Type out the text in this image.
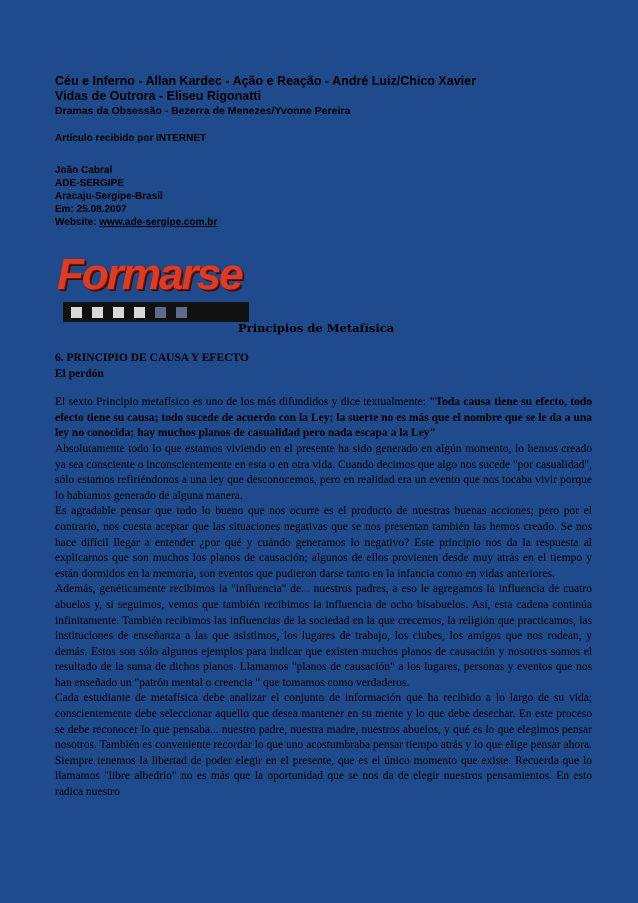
Céu e Inferno - Allan Kardec - Ação e Reação - André Luiz/Chico Xavier
Vidas de Outrora - Eliseu Rigonatti
Dramas da Obsessão - Bezerra de Menezes/Yvonne Pereira
Artículo recibido por INTERNET
João Cabral
ADE-SERGIPE
Aracaju-Sergipe-Brasil
Em: 25.08.2007
Website: www.ade-sergipe.com.br
Formarse
Principios de Metafísica

6. PRINCIPIO DE CAUSA Y EFECTO

El perdón

El sexto Principio metafísico es uno de los más difundidos y dice textualmente: "Toda causa tiene su efecto, todo efecto tiene su causa; todo sucede de acuerdo con la Ley; la suerte no es más que el nombre que se le da a una ley no conocida; hay muchos planos de casualidad pero nada escapa a la Ley"

Absolutamente todo lo que estamos viviendo en el presente ha sido generado en algún momento, lo hemos creado ya sea consciente o inconscientemente en esta o en otra vida. Cuando decimos que algo nos sucede "por casualidad", sólo estamos refiriéndonos a una ley que desconocemos, pero en realidad era un evento que nos tocaba vivir porque lo habíamos generado de alguna manera.

Es agradable pensar que todo lo bueno que nos ocurre es el producto de nuestras buenas acciones; pero por el contrario, nos cuesta aceptar que las situaciones negativas que se nos presentan también las hemos creado. Se nos hace difícil llegar a entender ¿por qué y cuándo generamos lo negativo? Este principio nos da la respuesta al explicarnos que son muchos los planos de causación; algunos de ellos provienen desde muy atrás en el tiempo y están dormidos en la memoria, son eventos que pudieron darse tanto en la infancia como en vidas anteriores.

Además, genéticamente recibimos la "influencia" de... nuestros padres, a eso le agregamos la influencia de cuatro abuelos y, si seguimos, vemos que también recibimos la influencia de ocho bisabuelos. Así, esta cadena continúa infinitamente. También recibimos las influencias de la sociedad en la que crecemos, la religión que practicamos, las instituciones de enseñanza a las que asistimos, los lugares de trabajo, los clubes, los amigos que nos rodean, y demás. Estos son sólo algunos ejemplos para indicar que existen muchos planos de causación y nosotros somos el resultado de la suma de dichos planos. Llamamos "planos de causación" a los lugares, personas y eventos que nos han enseñado un "patrón mental o creencia " que tomamos como verdaderos.

Cada estudiante de metafísica debe analizar el conjunto de información que ha recibido a lo largo de su vida; conscientemente debe seleccionar aquello que desea mantener en su mente y lo que debe desechar. En este proceso se debe reconocer lo que pensaba... nuestro padre, nuestra madre, nuestros abuelos, y qué es lo que elegimos pensar nosotros. También es conveniente recordar lo que uno acostumbraba pensar tiempo atrás y lo que elige pensar ahora. Siempre tenemos la libertad de poder elegir en el presente, que es el único momento que existe. Recuerda que lo llamamos "libre albedrío" no es más que la oportunidad que se nos da de elegir nuestros pensamientos. En esto radica nuestro
